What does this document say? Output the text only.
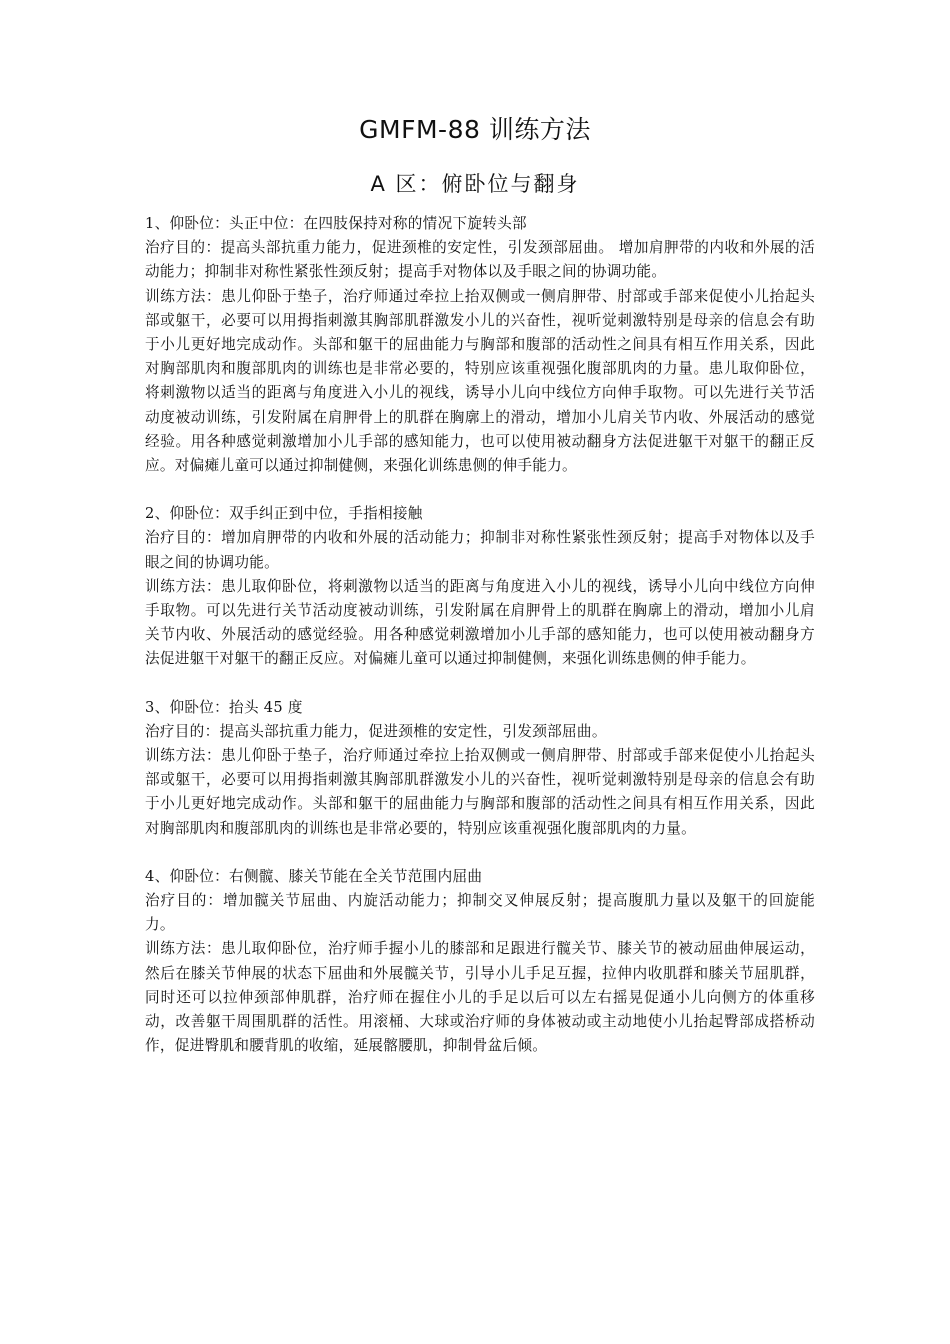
GMFM-88 训练方法
A 区：俯卧位与翻身

1、仰卧位：头正中位：在四肢保持对称的情况下旋转头部

治疗目的：提高头部抗重力能力，促进颈椎的安定性，引发颈部屈曲。 增加肩胛带的内收和外展的活动能力；抑制非对称性紧张性颈反射；提高手对物体以及手眼之间的协调功能。

训练方法：患儿仰卧于垫子，治疗师通过牵拉上抬双侧或一侧肩胛带、肘部或手部来促使小儿抬起头部或躯干，必要可以用拇指刺激其胸部肌群激发小儿的兴奋性，视听觉刺激特别是母亲的信息会有助于小儿更好地完成动作。头部和躯干的屈曲能力与胸部和腹部的活动性之间具有相互作用关系，因此对胸部肌肉和腹部肌肉的训练也是非常必要的，特别应该重视强化腹部肌肉的力量。患儿取仰卧位，将刺激物以适当的距离与角度进入小儿的视线，诱导小儿向中线位方向伸手取物。可以先进行关节活动度被动训练，引发附属在肩胛骨上的肌群在胸廓上的滑动，增加小儿肩关节内收、外展活动的感觉经验。用各种感觉刺激增加小儿手部的感知能力，也可以使用被动翻身方法促进躯干对躯干的翻正反应。对偏瘫儿童可以通过抑制健侧，来强化训练患侧的伸手能力。

2、仰卧位：双手纠正到中位，手指相接触

治疗目的：增加肩胛带的内收和外展的活动能力；抑制非对称性紧张性颈反射；提高手对物体以及手眼之间的协调功能。

训练方法：患儿取仰卧位，将刺激物以适当的距离与角度进入小儿的视线，诱导小儿向中线位方向伸手取物。可以先进行关节活动度被动训练，引发附属在肩胛骨上的肌群在胸廓上的滑动，增加小儿肩关节内收、外展活动的感觉经验。用各种感觉刺激增加小儿手部的感知能力，也可以使用被动翻身方法促进躯干对躯干的翻正反应。对偏瘫儿童可以通过抑制健侧，来强化训练患侧的伸手能力。

3、仰卧位：抬头 45 度

治疗目的：提高头部抗重力能力，促进颈椎的安定性，引发颈部屈曲。

训练方法：患儿仰卧于垫子，治疗师通过牵拉上抬双侧或一侧肩胛带、肘部或手部来促使小儿抬起头部或躯干，必要可以用拇指刺激其胸部肌群激发小儿的兴奋性，视听觉刺激特别是母亲的信息会有助于小儿更好地完成动作。头部和躯干的屈曲能力与胸部和腹部的活动性之间具有相互作用关系，因此对胸部肌肉和腹部肌肉的训练也是非常必要的，特别应该重视强化腹部肌肉的力量。

4、仰卧位：右侧髋、膝关节能在全关节范围内屈曲

治疗目的：增加髋关节屈曲、内旋活动能力；抑制交叉伸展反射；提高腹肌力量以及躯干的回旋能力。

训练方法：患儿取仰卧位，治疗师手握小儿的膝部和足跟进行髋关节、膝关节的被动屈曲伸展运动，然后在膝关节伸展的状态下屈曲和外展髋关节，引导小儿手足互握，拉伸内收肌群和膝关节屈肌群，同时还可以拉伸颈部伸肌群，治疗师在握住小儿的手足以后可以左右摇晃促通小儿向侧方的体重移动，改善躯干周围肌群的活性。用滚桶、大球或治疗师的身体被动或主动地使小儿抬起臀部成搭桥动作，促进臀肌和腰背肌的收缩，延展髂腰肌，抑制骨盆后倾。
